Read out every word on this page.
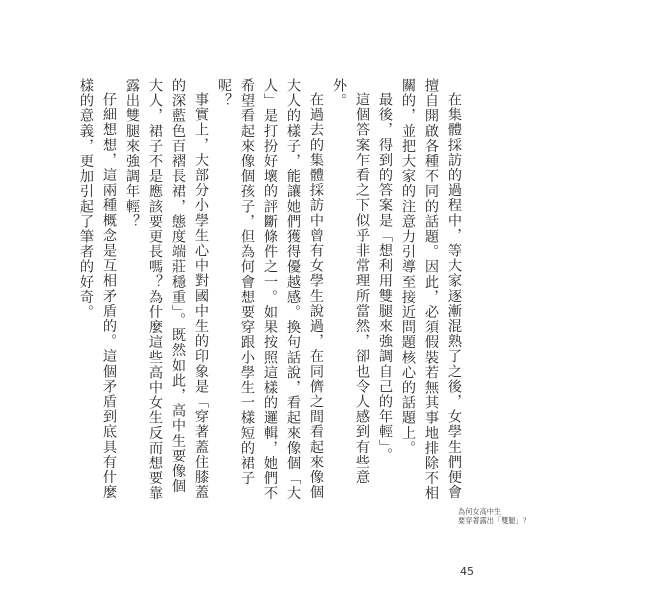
在集體採訪的過程中，等大家逐漸混熟了之後，女學生們便會擅自開啟各種不同的話題。因此，必須假裝若無其事地排除不相關的，並把大家的注意力引導至接近問題核心的話題上。

最後，得到的答案是「想利用雙腿來強調自己的年輕」。

這個答案乍看之下似乎非常理所當然，卻也令人感到有些意外。

在過去的集體採訪中曾有女學生說過，在同儕之間看起來像個大人的樣子，能讓她們獲得優越感。換句話說，看起來像個「大人」是打扮好壞的評斷條件之一。如果按照這樣的邏輯，她們不希望看起來像個孩子，但為何會想要穿跟小學生一樣短的裙子呢？

事實上，大部分小學生心中對國中生的印象是「穿著蓋住膝蓋的深藍色百褶長裙，態度端莊穩重」。既然如此，高中生要像個大人，裙子不是應該要更長嗎？為什麼這些高中女生反而想要靠露出雙腿來強調年輕？

仔細想想，這兩種概念是互相矛盾的。這個矛盾到底具有什麼樣的意義，更加引起了筆者的好奇。

為何女高中生
要穿著露出「雙腿」？
45
